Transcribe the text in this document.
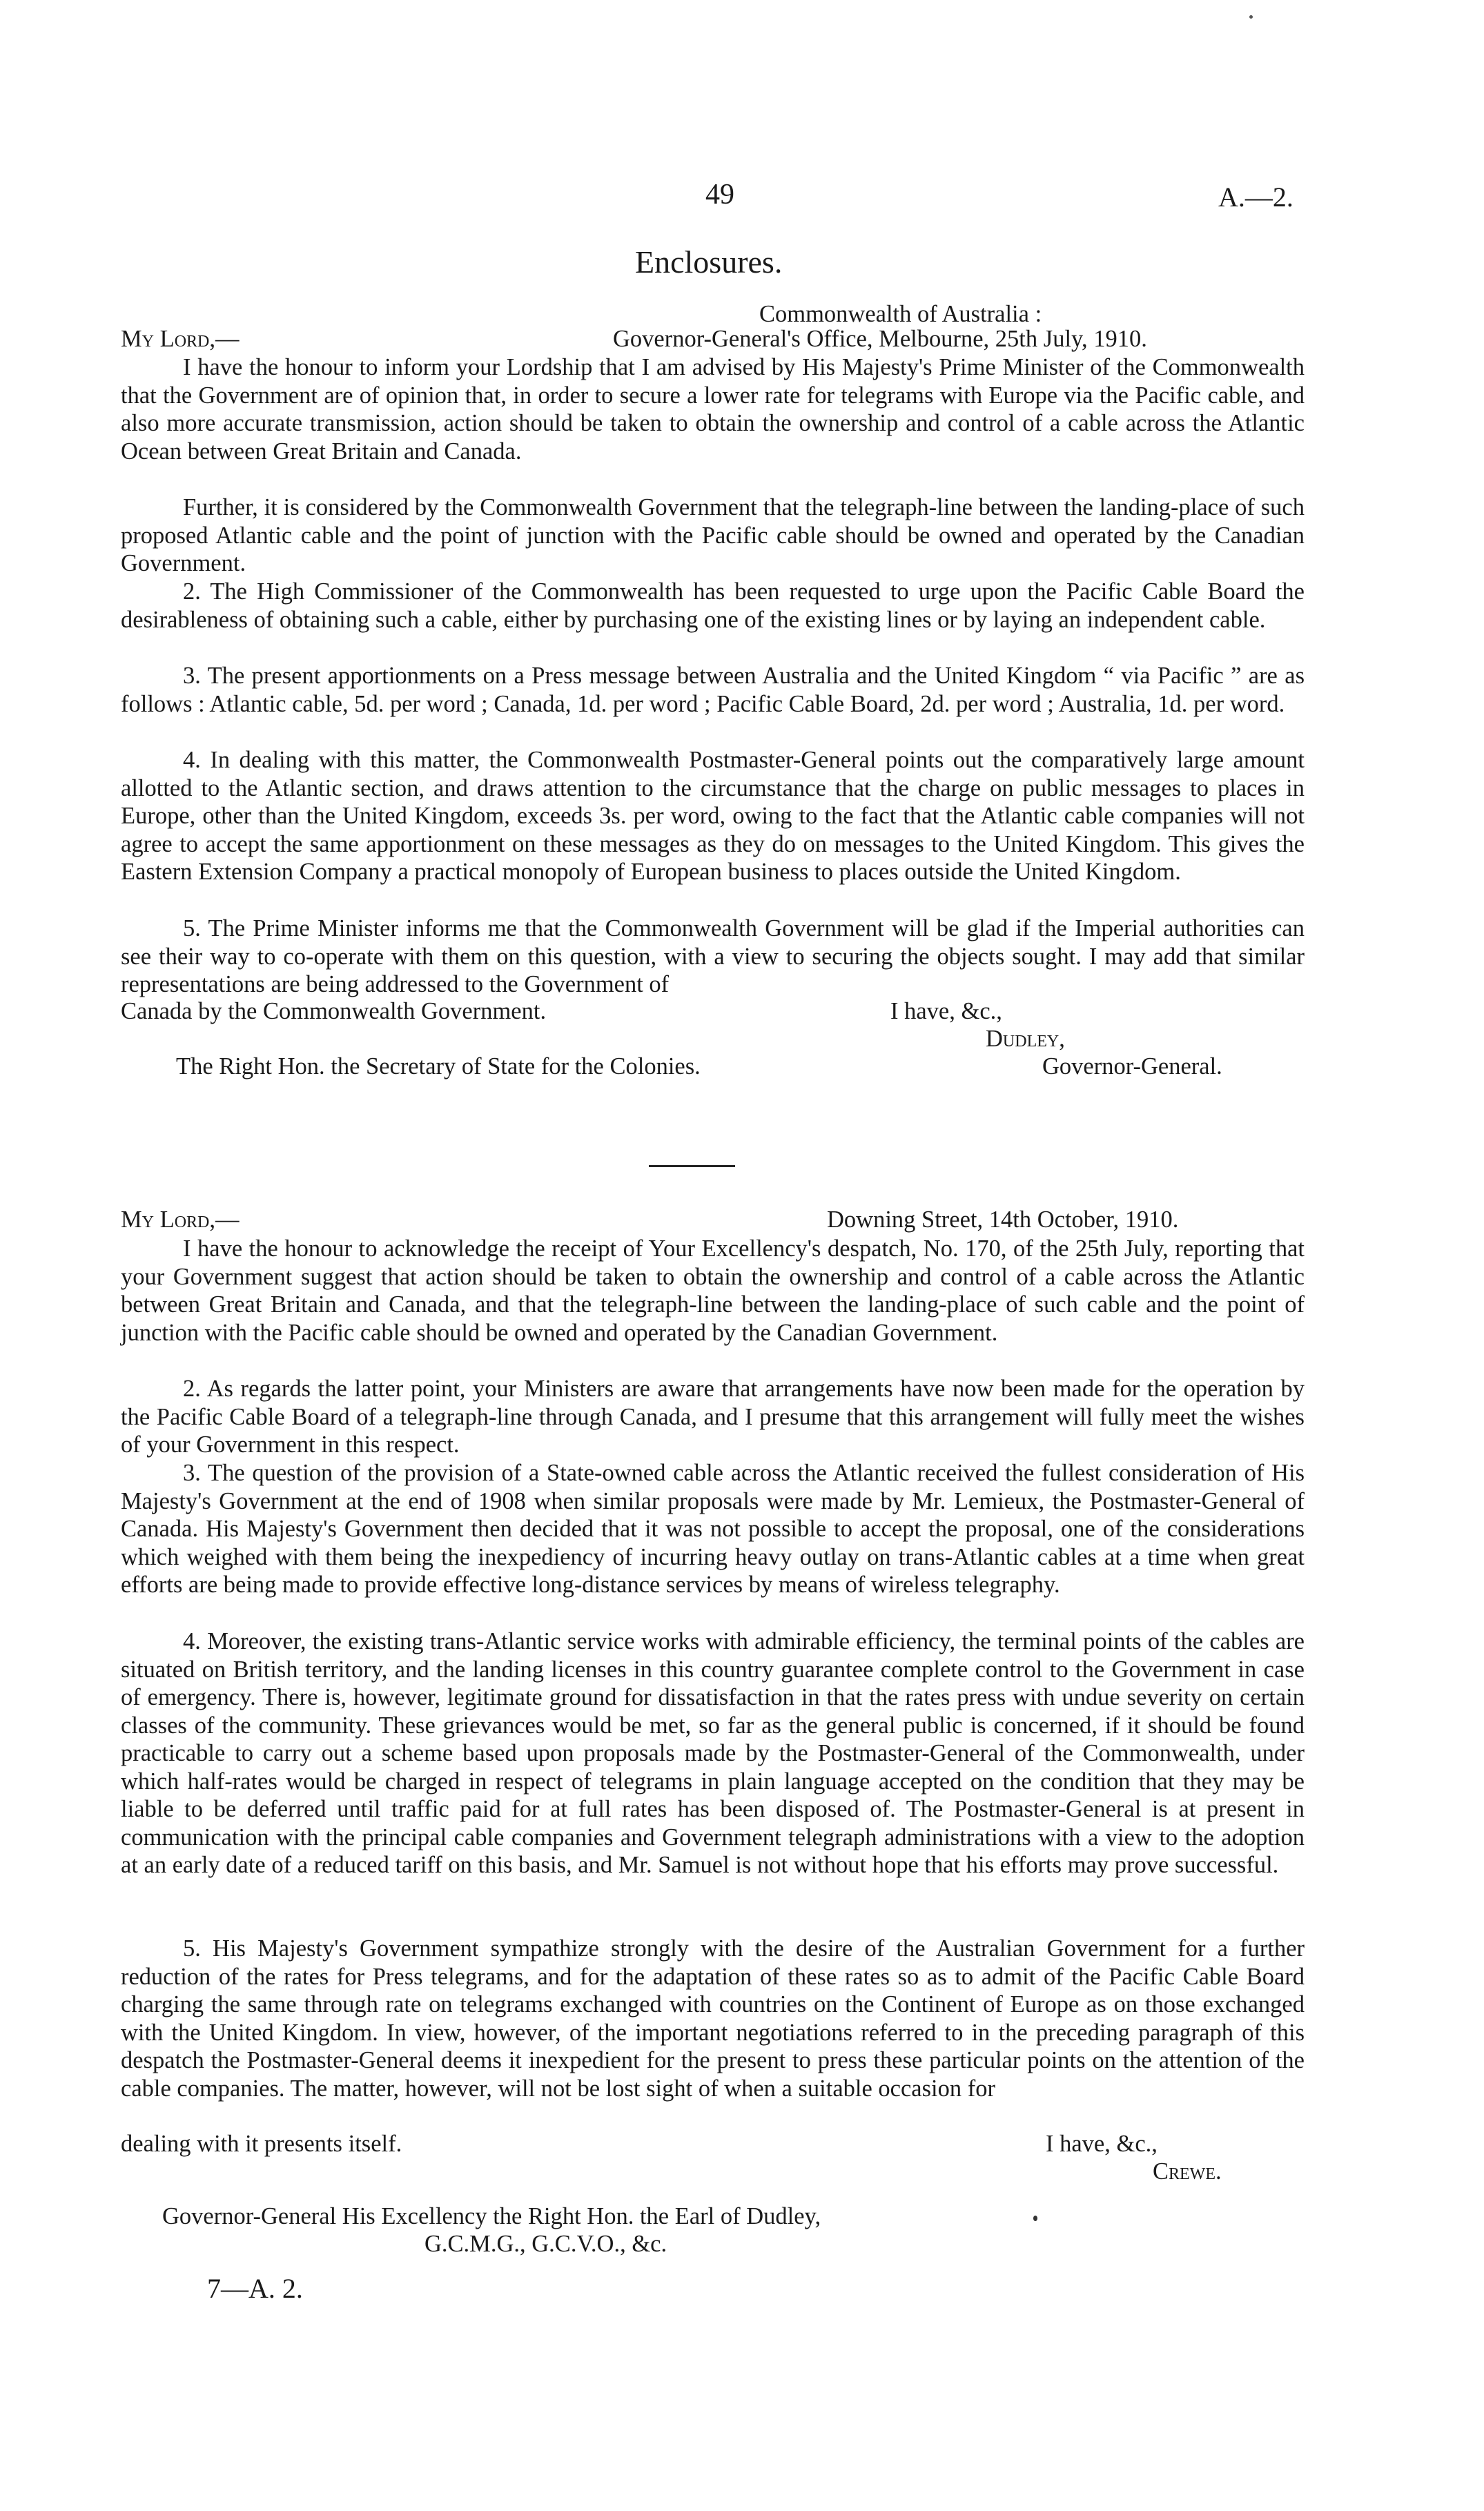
49	A.—2.
Enclosures.
Commonwealth of Australia :
My Lord,—	Governor-General's Office, Melbourne, 25th July, 1910.
I have the honour to inform your Lordship that I am advised by His Majesty's Prime Minister of the Commonwealth that the Government are of opinion that, in order to secure a lower rate for telegrams with Europe via the Pacific cable, and also more accurate transmission, action should be taken to obtain the ownership and control of a cable across the Atlantic Ocean between Great Britain and Canada.
Further, it is considered by the Commonwealth Government that the telegraph-line between the landing-place of such proposed Atlantic cable and the point of junction with the Pacific cable should be owned and operated by the Canadian Government.
2. The High Commissioner of the Commonwealth has been requested to urge upon the Pacific Cable Board the desirableness of obtaining such a cable, either by purchasing one of the existing lines or by laying an independent cable.
3. The present apportionments on a Press message between Australia and the United Kingdom “ via Pacific ” are as follows : Atlantic cable, 5d. per word ; Canada, 1d. per word ; Pacific Cable Board, 2d. per word ; Australia, 1d. per word.
4. In dealing with this matter, the Commonwealth Postmaster-General points out the comparatively large amount allotted to the Atlantic section, and draws attention to the circumstance that the charge on public messages to places in Europe, other than the United Kingdom, exceeds 3s. per word, owing to the fact that the Atlantic cable companies will not agree to accept the same apportionment on these messages as they do on messages to the United Kingdom. This gives the Eastern Extension Company a practical monopoly of European business to places outside the United Kingdom.
5. The Prime Minister informs me that the Commonwealth Government will be glad if the Imperial authorities can see their way to co-operate with them on this question, with a view to securing the objects sought. I may add that similar representations are being addressed to the Government of
Canada by the Commonwealth Government.	I have, &c.,
Dudley,
The Right Hon. the Secretary of State for the Colonies.	Governor-General.
My Lord,—	Downing Street, 14th October, 1910.
I have the honour to acknowledge the receipt of Your Excellency's despatch, No. 170, of the 25th July, reporting that your Government suggest that action should be taken to obtain the ownership and control of a cable across the Atlantic between Great Britain and Canada, and that the telegraph-line between the landing-place of such cable and the point of junction with the Pacific cable should be owned and operated by the Canadian Government.
2. As regards the latter point, your Ministers are aware that arrangements have now been made for the operation by the Pacific Cable Board of a telegraph-line through Canada, and I presume that this arrangement will fully meet the wishes of your Government in this respect.
3. The question of the provision of a State-owned cable across the Atlantic received the fullest consideration of His Majesty's Government at the end of 1908 when similar proposals were made by Mr. Lemieux, the Postmaster-General of Canada. His Majesty's Government then decided that it was not possible to accept the proposal, one of the considerations which weighed with them being the inexpediency of incurring heavy outlay on trans-Atlantic cables at a time when great efforts are being made to provide effective long-distance services by means of wireless telegraphy.
4. Moreover, the existing trans-Atlantic service works with admirable efficiency, the terminal points of the cables are situated on British territory, and the landing licenses in this country guarantee complete control to the Government in case of emergency. There is, however, legitimate ground for dissatisfaction in that the rates press with undue severity on certain classes of the community. These grievances would be met, so far as the general public is concerned, if it should be found practicable to carry out a scheme based upon proposals made by the Postmaster-General of the Commonwealth, under which half-rates would be charged in respect of telegrams in plain language accepted on the condition that they may be liable to be deferred until traffic paid for at full rates has been disposed of. The Postmaster-General is at present in communication with the principal cable companies and Government telegraph administrations with a view to the adoption at an early date of a reduced tariff on this basis, and Mr. Samuel is not without hope that his efforts may prove successful.
5. His Majesty's Government sympathize strongly with the desire of the Australian Government for a further reduction of the rates for Press telegrams, and for the adaptation of these rates so as to admit of the Pacific Cable Board charging the same through rate on telegrams exchanged with countries on the Continent of Europe as on those exchanged with the United Kingdom. In view, however, of the important negotiations referred to in the preceding paragraph of this despatch the Postmaster-General deems it inexpedient for the present to press these particular points on the attention of the cable companies. The matter, however, will not be lost sight of when a suitable occasion for
dealing with it presents itself.	I have, &c.,
Crewe.
Governor-General His Excellency the Right Hon. the Earl of Dudley,
G.C.M.G., G.C.V.O., &c.
7—A. 2.
